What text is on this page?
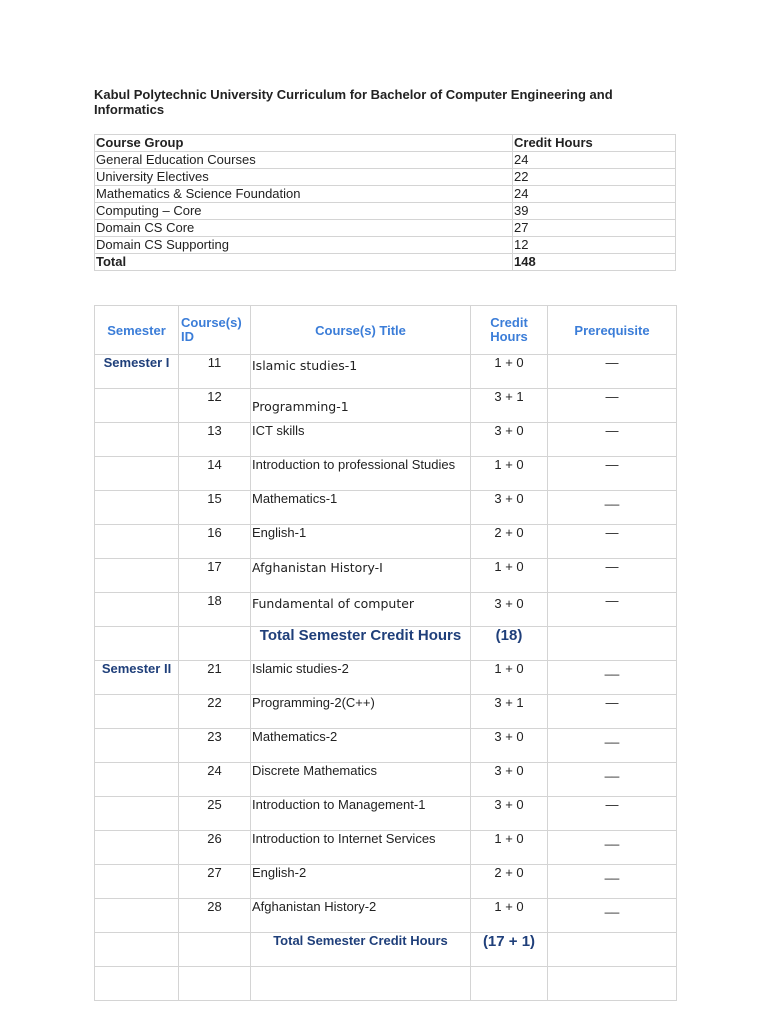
Kabul Polytechnic University Curriculum for Bachelor of Computer Engineering and Informatics
Course Group	Credit Hours
General Education Courses	24
University Electives	22
Mathematics & Science Foundation	24
Computing – Core	39
Domain CS Core	27
Domain CS Supporting	12
Total	148
Semester	Course(s) ID	Course(s) Title	Credit Hours	Prerequisite

Semester I	11	Islamic studies-1	1 + 0	—

	12	Programming-1	3 + 1	—

	13	ICT skills	3 + 0	—

	14	Introduction to professional Studies	1 + 0	—

	15	Mathematics-1	3 + 0	__

	16	English-1	2 + 0	—

	17	Afghanistan History-I	1 + 0	—

	18	Fundamental of computer	3 + 0	—

		Total Semester Credit Hours	(18)	

Semester II	21	Islamic studies-2	1 + 0	__

	22	Programming-2(C++)	3 + 1	—

	23	Mathematics-2	3 + 0	__

	24	Discrete Mathematics	3 + 0	__

	25	Introduction to Management-1	3 + 0	—

	26	Introduction to Internet Services	1 + 0	__

	27	English-2	2 + 0	__

	28	Afghanistan History-2	1 + 0	__

		Total Semester Credit Hours	(17 + 1)	
